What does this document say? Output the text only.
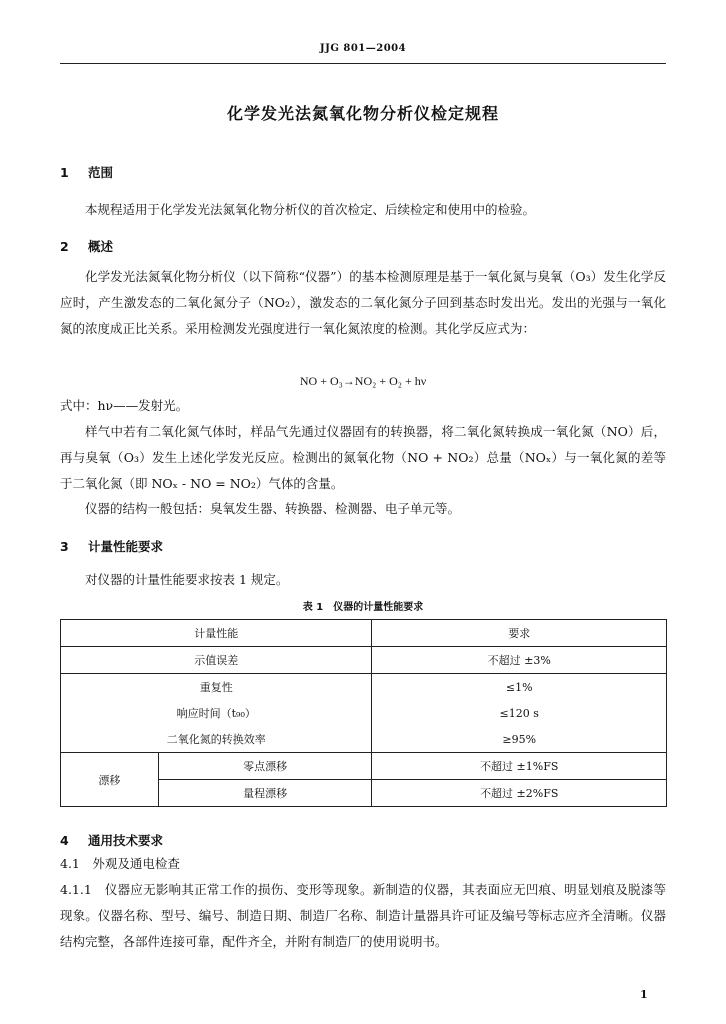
JJG 801—2004
化学发光法氮氧化物分析仪检定规程
1 范围
本规程适用于化学发光法氮氧化物分析仪的首次检定、后续检定和使用中的检验。
2 概述
化学发光法氮氧化物分析仪（以下简称“仪器”）的基本检测原理是基于一氧化氮与臭氧（O₃）发生化学反应时，产生激发态的二氧化氮分子（NO₂），激发态的二氧化氮分子回到基态时发出光。发出的光强与一氧化氮的浓度成正比关系。采用检测发光强度进行一氧化氮浓度的检测。其化学反应式为：
NO + O₃→NO₂ + O₂ + hν
式中：hν——发射光。
样气中若有二氧化氮气体时，样品气先通过仪器固有的转换器，将二氧化氮转换成一氧化氮（NO）后，再与臭氧（O₃）发生上述化学发光反应。检测出的氮氧化物（NO + NO₂）总量（NOₓ）与一氧化氮的差等于二氧化氮（即 NOₓ - NO = NO₂）气体的含量。
仪器的结构一般包括：臭氧发生器、转换器、检测器、电子单元等。
3 计量性能要求
对仪器的计量性能要求按表 1 规定。
表 1　仪器的计量性能要求
计量性能		要求
示值误差		不超过 ±3%
重复性		≤1%
响应时间（t₉₀）		≤120 s
二氧化氮的转换效率		≥95%
漂移	零点漂移	不超过 ±1%FS
	量程漂移	不超过 ±2%FS
4 通用技术要求
4.1　外观及通电检查
4.1.1　仪器应无影响其正常工作的损伤、变形等现象。新制造的仪器，其表面应无凹痕、明显划痕及脱漆等现象。仪器名称、型号、编号、制造日期、制造厂名称、制造计量器具许可证及编号等标志应齐全清晰。仪器结构完整，各部件连接可靠，配件齐全，并附有制造厂的使用说明书。
1
